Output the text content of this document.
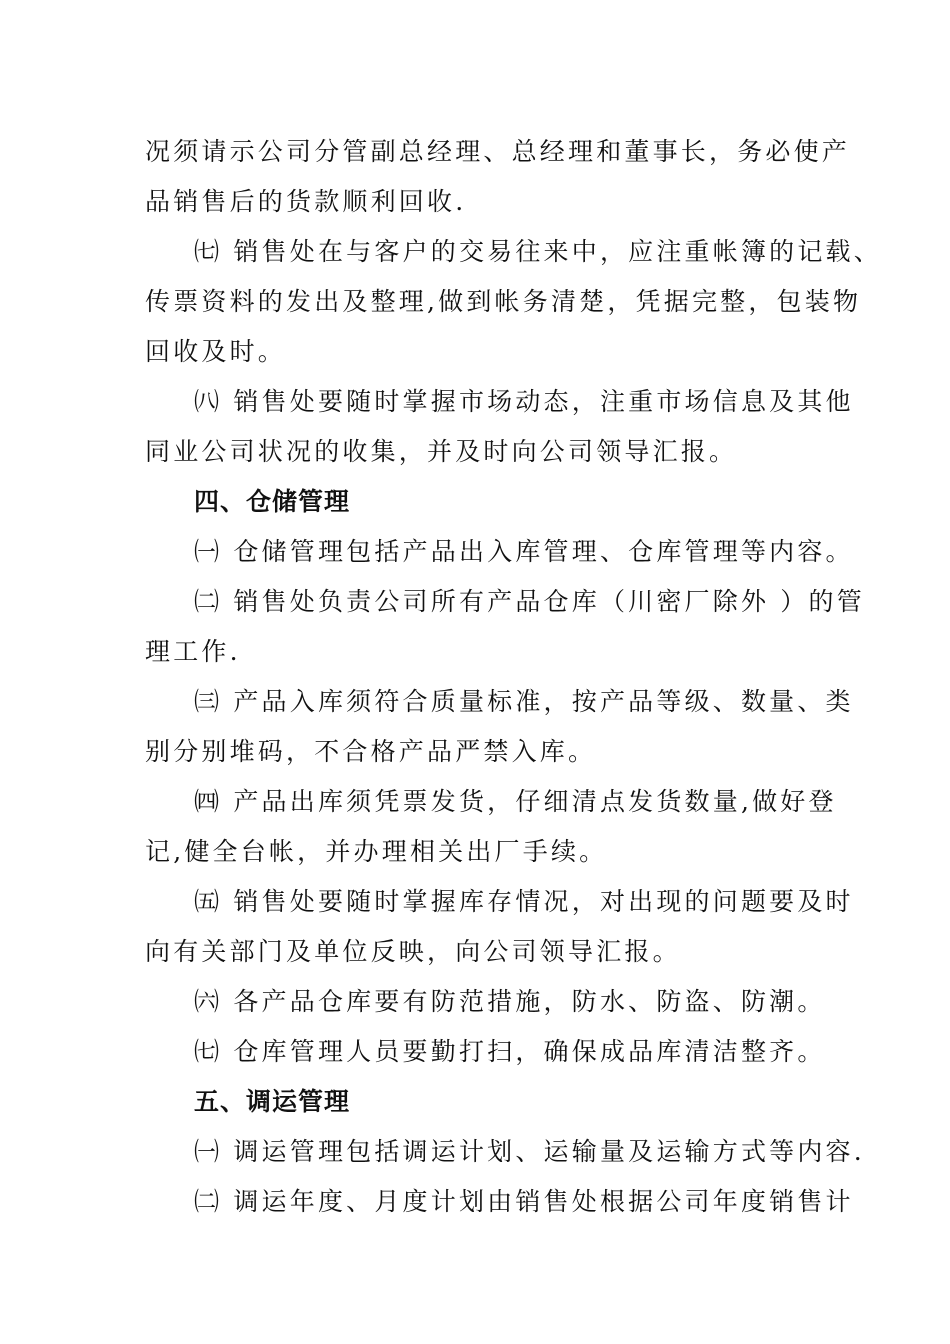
况须请示公司分管副总经理、总经理和董事长，务必使产
品销售后的货款顺利回收.
㈦ 销售处在与客户的交易往来中，应注重帐簿的记载、
传票资料的发出及整理,做到帐务清楚，凭据完整，包装物
回收及时。
㈧ 销售处要随时掌握市场动态，注重市场信息及其他
同业公司状况的收集，并及时向公司领导汇报。
四、仓储管理
㈠ 仓储管理包括产品出入库管理、仓库管理等内容。
㈡ 销售处负责公司所有产品仓库（川密厂除外 ）的管
理工作.
㈢ 产品入库须符合质量标准，按产品等级、数量、类
别分别堆码，不合格产品严禁入库。
㈣ 产品出库须凭票发货，仔细清点发货数量,做好登
记,健全台帐，并办理相关出厂手续。
㈤ 销售处要随时掌握库存情况，对出现的问题要及时
向有关部门及单位反映，向公司领导汇报。
㈥ 各产品仓库要有防范措施，防水、防盗、防潮。
㈦ 仓库管理人员要勤打扫，确保成品库清洁整齐。
五、调运管理
㈠ 调运管理包括调运计划、运输量及运输方式等内容.
㈡ 调运年度、月度计划由销售处根据公司年度销售计
